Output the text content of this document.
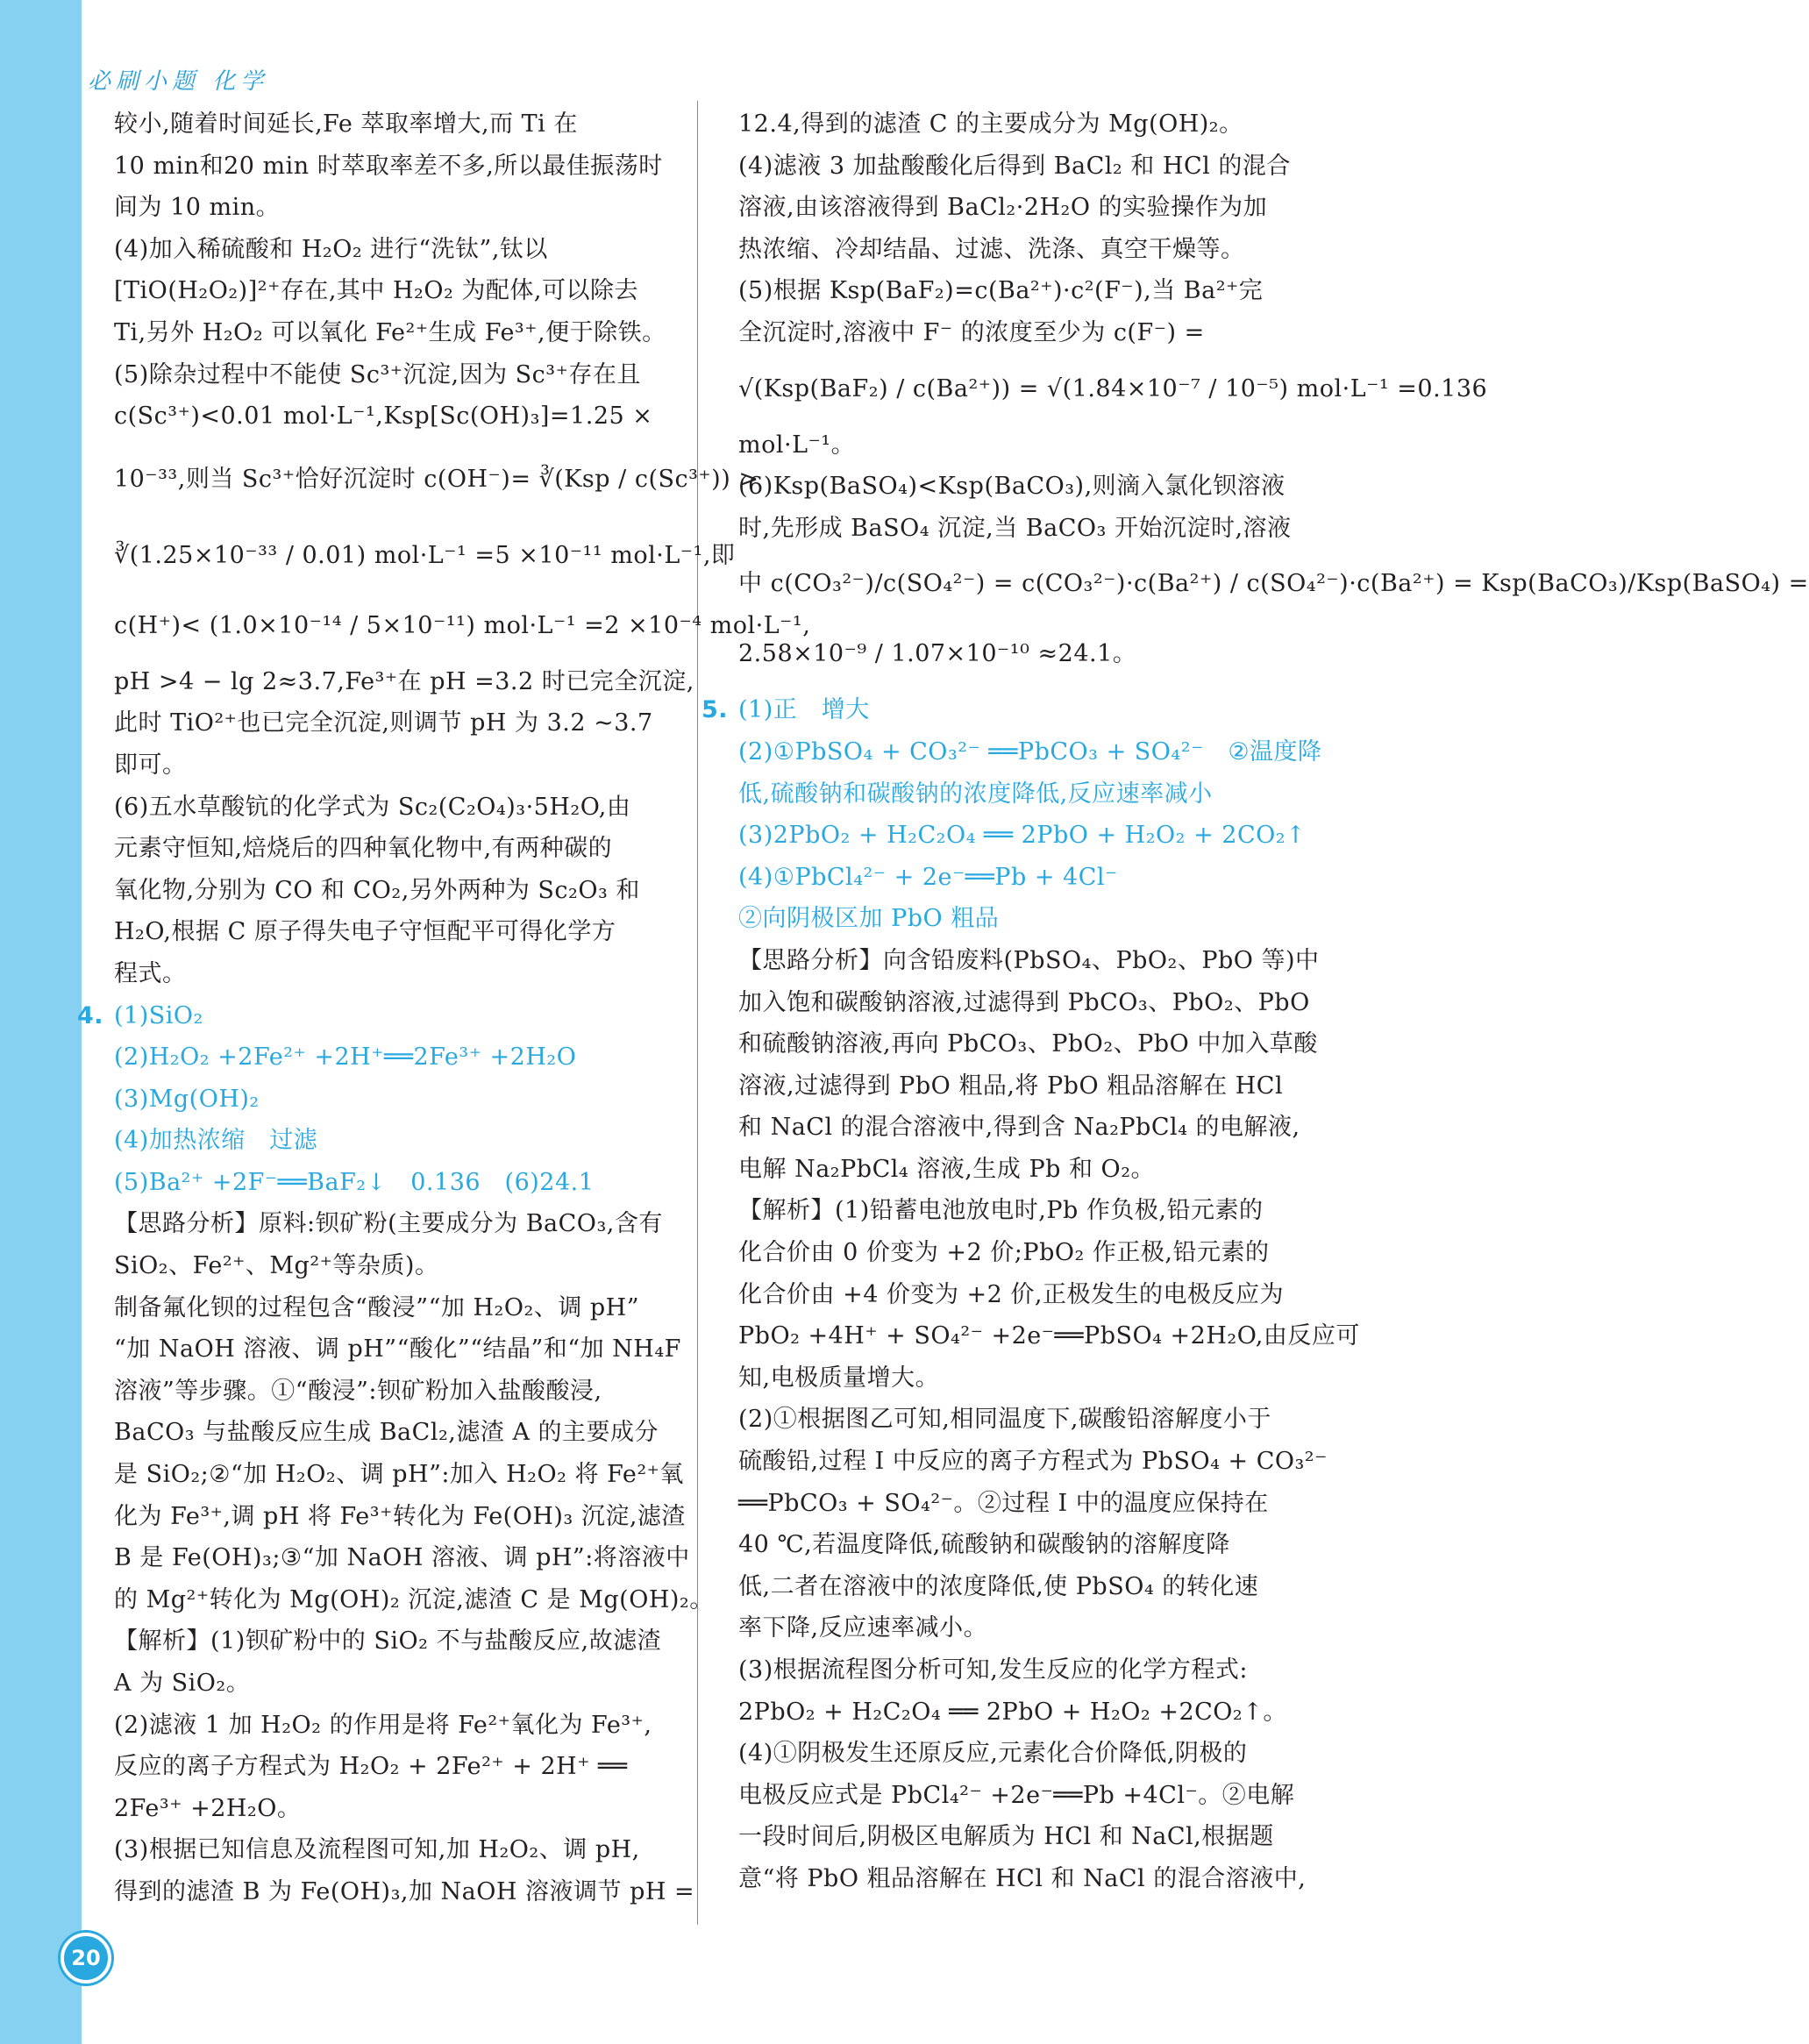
必刷小题 化学
较小,随着时间延长,Fe 萃取率增大,而 Ti 在
10 min和20 min 时萃取率差不多,所以最佳振荡时
间为 10 min。
(4)加入稀硫酸和 H₂O₂ 进行“洗钛”,钛以
[TiO(H₂O₂)]²⁺存在,其中 H₂O₂ 为配体,可以除去
Ti,另外 H₂O₂ 可以氧化 Fe²⁺生成 Fe³⁺,便于除铁。
(5)除杂过程中不能使 Sc³⁺沉淀,因为 Sc³⁺存在且
c(Sc³⁺)<0.01 mol·L⁻¹,Ksp[Sc(OH)₃]=1.25 ×
10⁻³³,则当 Sc³⁺恰好沉淀时 c(OH⁻)= ∛(Ksp / c(Sc³⁺)) >
∛(1.25×10⁻³³ / 0.01) mol·L⁻¹ =5 ×10⁻¹¹ mol·L⁻¹,即
c(H⁺)< (1.0×10⁻¹⁴ / 5×10⁻¹¹) mol·L⁻¹ =2 ×10⁻⁴ mol·L⁻¹,
pH >4 − lg 2≈3.7,Fe³⁺在 pH =3.2 时已完全沉淀,
此时 TiO²⁺也已完全沉淀,则调节 pH 为 3.2 ~3.7
即可。
(6)五水草酸钪的化学式为 Sc₂(C₂O₄)₃·5H₂O,由
元素守恒知,焙烧后的四种氧化物中,有两种碳的
氧化物,分别为 CO 和 CO₂,另外两种为 Sc₂O₃ 和
H₂O,根据 C 原子得失电子守恒配平可得化学方
程式。
4. (1)SiO₂
(2)H₂O₂ +2Fe²⁺ +2H⁺══2Fe³⁺ +2H₂O
(3)Mg(OH)₂
(4)加热浓缩　过滤
(5)Ba²⁺ +2F⁻══BaF₂↓　0.136　(6)24.1
【思路分析】原料:钡矿粉(主要成分为 BaCO₃,含有
SiO₂、Fe²⁺、Mg²⁺等杂质)。
制备氟化钡的过程包含“酸浸”“加 H₂O₂、调 pH”
“加 NaOH 溶液、调 pH”“酸化”“结晶”和“加 NH₄F
溶液”等步骤。①“酸浸”:钡矿粉加入盐酸酸浸,
BaCO₃ 与盐酸反应生成 BaCl₂,滤渣 A 的主要成分
是 SiO₂;②“加 H₂O₂、调 pH”:加入 H₂O₂ 将 Fe²⁺氧
化为 Fe³⁺,调 pH 将 Fe³⁺转化为 Fe(OH)₃ 沉淀,滤渣
B 是 Fe(OH)₃;③“加 NaOH 溶液、调 pH”:将溶液中
的 Mg²⁺转化为 Mg(OH)₂ 沉淀,滤渣 C 是 Mg(OH)₂。
【解析】(1)钡矿粉中的 SiO₂ 不与盐酸反应,故滤渣
A 为 SiO₂。
(2)滤液 1 加 H₂O₂ 的作用是将 Fe²⁺氧化为 Fe³⁺,
反应的离子方程式为 H₂O₂ + 2Fe²⁺ + 2H⁺ ══
2Fe³⁺ +2H₂O。
(3)根据已知信息及流程图可知,加 H₂O₂、调 pH,
得到的滤渣 B 为 Fe(OH)₃,加 NaOH 溶液调节 pH =
12.4,得到的滤渣 C 的主要成分为 Mg(OH)₂。
(4)滤液 3 加盐酸酸化后得到 BaCl₂ 和 HCl 的混合
溶液,由该溶液得到 BaCl₂·2H₂O 的实验操作为加
热浓缩、冷却结晶、过滤、洗涤、真空干燥等。
(5)根据 Ksp(BaF₂)=c(Ba²⁺)·c²(F⁻),当 Ba²⁺完
全沉淀时,溶液中 F⁻ 的浓度至少为 c(F⁻) =
√(Ksp(BaF₂) / c(Ba²⁺)) = √(1.84×10⁻⁷ / 10⁻⁵) mol·L⁻¹ =0.136
mol·L⁻¹。
(6)Ksp(BaSO₄)<Ksp(BaCO₃),则滴入氯化钡溶液
时,先形成 BaSO₄ 沉淀,当 BaCO₃ 开始沉淀时,溶液
中 c(CO₃²⁻)/c(SO₄²⁻) = c(CO₃²⁻)·c(Ba²⁺) / c(SO₄²⁻)·c(Ba²⁺) = Ksp(BaCO₃)/Ksp(BaSO₄) =
2.58×10⁻⁹ / 1.07×10⁻¹⁰ ≈24.1。
5. (1)正　增大
(2)①PbSO₄ + CO₃²⁻ ══PbCO₃ + SO₄²⁻　②温度降
低,硫酸钠和碳酸钠的浓度降低,反应速率减小
(3)2PbO₂ + H₂C₂O₄ ══ 2PbO + H₂O₂ + 2CO₂↑
(4)①PbCl₄²⁻ + 2e⁻══Pb + 4Cl⁻
②向阴极区加 PbO 粗品
【思路分析】向含铅废料(PbSO₄、PbO₂、PbO 等)中
加入饱和碳酸钠溶液,过滤得到 PbCO₃、PbO₂、PbO
和硫酸钠溶液,再向 PbCO₃、PbO₂、PbO 中加入草酸
溶液,过滤得到 PbO 粗品,将 PbO 粗品溶解在 HCl
和 NaCl 的混合溶液中,得到含 Na₂PbCl₄ 的电解液,
电解 Na₂PbCl₄ 溶液,生成 Pb 和 O₂。
【解析】(1)铅蓄电池放电时,Pb 作负极,铅元素的
化合价由 0 价变为 +2 价;PbO₂ 作正极,铅元素的
化合价由 +4 价变为 +2 价,正极发生的电极反应为
PbO₂ +4H⁺ + SO₄²⁻ +2e⁻══PbSO₄ +2H₂O,由反应可
知,电极质量增大。
(2)①根据图乙可知,相同温度下,碳酸铅溶解度小于
硫酸铅,过程 Ⅰ 中反应的离子方程式为 PbSO₄ + CO₃²⁻
══PbCO₃ + SO₄²⁻。②过程 Ⅰ 中的温度应保持在
40 ℃,若温度降低,硫酸钠和碳酸钠的溶解度降
低,二者在溶液中的浓度降低,使 PbSO₄ 的转化速
率下降,反应速率减小。
(3)根据流程图分析可知,发生反应的化学方程式:
2PbO₂ + H₂C₂O₄ ══ 2PbO + H₂O₂ +2CO₂↑。
(4)①阴极发生还原反应,元素化合价降低,阴极的
电极反应式是 PbCl₄²⁻ +2e⁻══Pb +4Cl⁻。②电解
一段时间后,阴极区电解质为 HCl 和 NaCl,根据题
意“将 PbO 粗品溶解在 HCl 和 NaCl 的混合溶液中,
20
